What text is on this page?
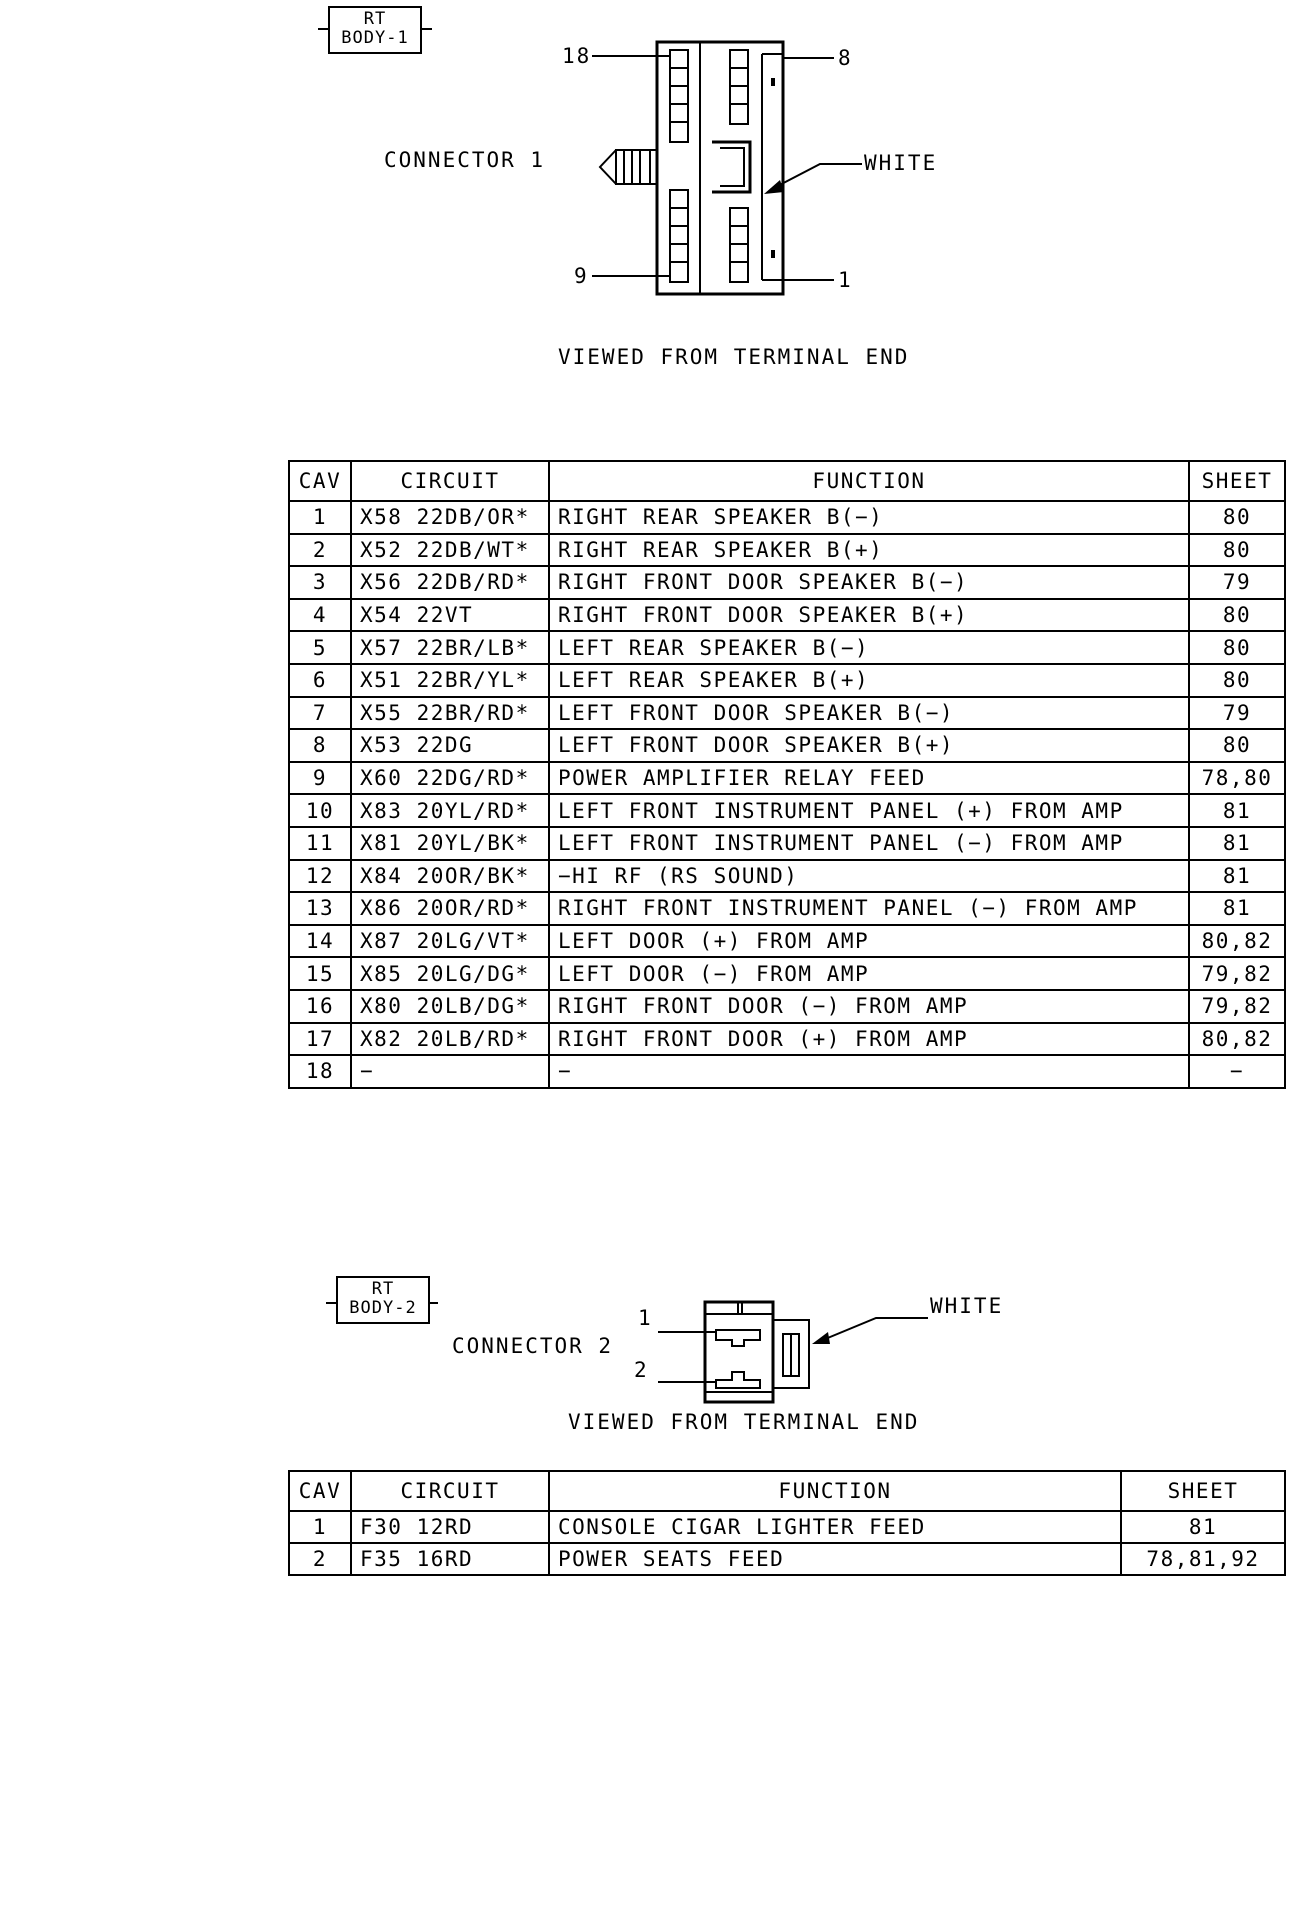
RT
BODY-1
CONNECTOR 1
18	8
9	1
WHITE
VIEWED FROM TERMINAL END
CAV	CIRCUIT	FUNCTION	SHEET
1	X58 22DB/OR*	RIGHT REAR SPEAKER B(−)	80
2	X52 22DB/WT*	RIGHT REAR SPEAKER B(+)	80
3	X56 22DB/RD*	RIGHT FRONT DOOR SPEAKER B(−)	79
4	X54 22VT	RIGHT FRONT DOOR SPEAKER B(+)	80
5	X57 22BR/LB*	LEFT REAR SPEAKER B(−)	80
6	X51 22BR/YL*	LEFT REAR SPEAKER B(+)	80
7	X55 22BR/RD*	LEFT FRONT DOOR SPEAKER B(−)	79
8	X53 22DG	LEFT FRONT DOOR SPEAKER B(+)	80
9	X60 22DG/RD*	POWER AMPLIFIER RELAY FEED	78,80
10	X83 20YL/RD*	LEFT FRONT INSTRUMENT PANEL (+) FROM AMP	81
11	X81 20YL/BK*	LEFT FRONT INSTRUMENT PANEL (−) FROM AMP	81
12	X84 20OR/BK*	−HI RF (RS SOUND)	81
13	X86 20OR/RD*	RIGHT FRONT INSTRUMENT PANEL (−) FROM AMP	81
14	X87 20LG/VT*	LEFT DOOR (+) FROM AMP	80,82
15	X85 20LG/DG*	LEFT DOOR (−) FROM AMP	79,82
16	X80 20LB/DG*	RIGHT FRONT DOOR (−) FROM AMP	79,82
17	X82 20LB/RD*	RIGHT FRONT DOOR (+) FROM AMP	80,82
18	−	−	−
RT
BODY-2
CONNECTOR 2
1
2
WHITE
VIEWED FROM TERMINAL END
CAV	CIRCUIT	FUNCTION	SHEET
1	F30 12RD	CONSOLE CIGAR LIGHTER FEED	81
2	F35 16RD	POWER SEATS FEED	78,81,92
